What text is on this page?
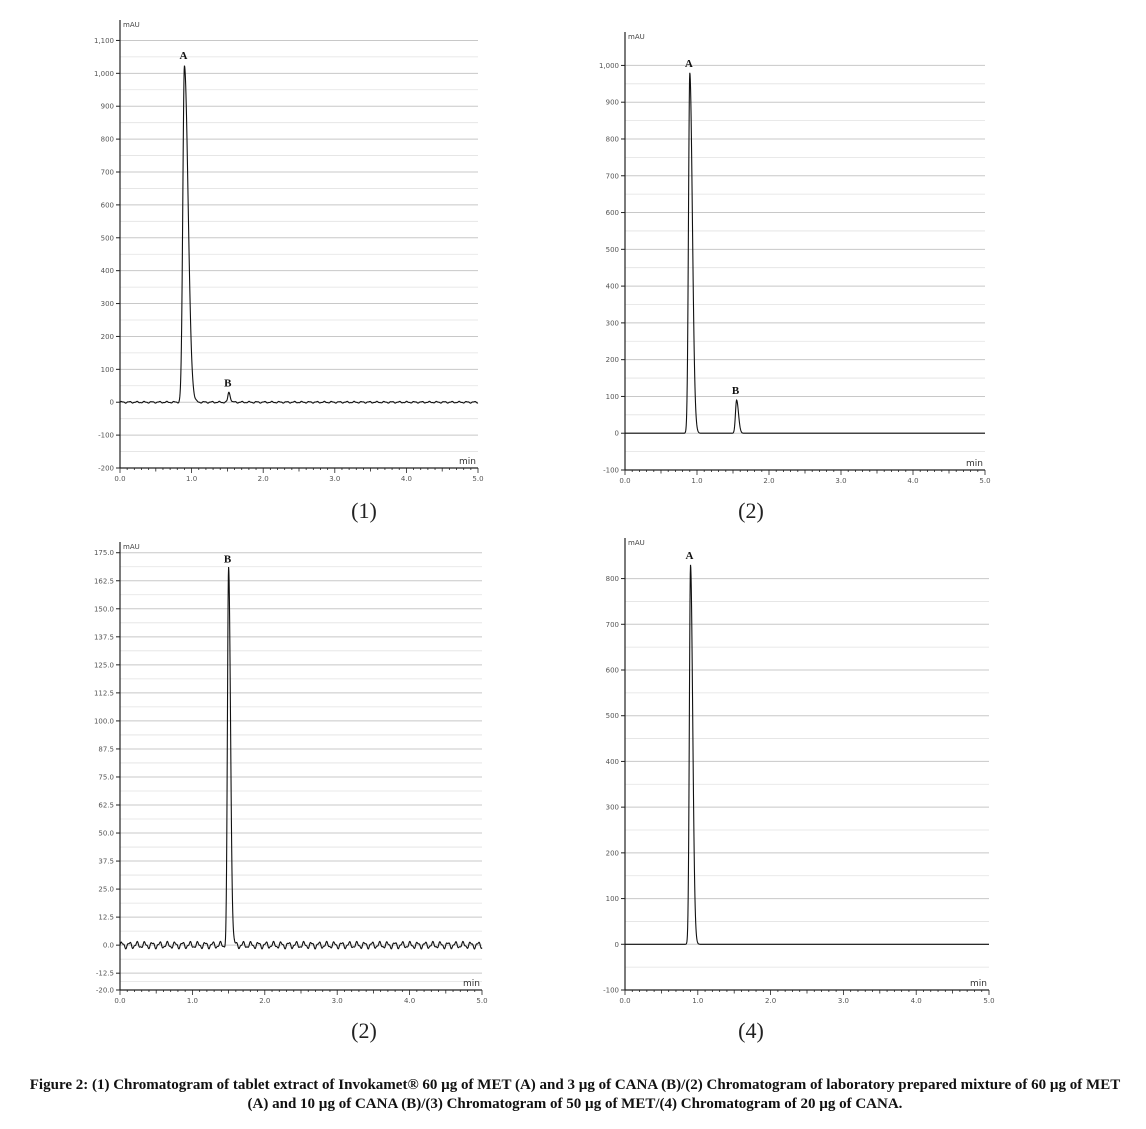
-200
-100
0
100
200
300
400
500
600
700
800
900
1,000
1,100
0.0	1.0	2.0	3.0	4.0	5.0
mAU
min
A
B
(1)
-100
0
100
200
300
400
500
600
700
800
900
1,000
0.0	1.0	2.0	3.0	4.0	5.0
mAU
min
A
B
(2)
-20.0
-12.5
0.0
12.5
25.0
37.5
50.0
62.5
75.0
87.5
100.0
112.5
125.0
137.5
150.0
162.5
175.0
0.0	1.0	2.0	3.0	4.0	5.0
mAU
min
B
(2)
-100
0
100
200
300
400
500
600
700
800
0.0	1.0	2.0	3.0	4.0	5.0
mAU
min
A
(4)
Figure 2: (1) Chromatogram of tablet extract of Invokamet® 60 µg of MET (A) and 3 µg of CANA (B)/(2) Chromatogram of laboratory prepared mixture of 60 µg of MET (A) and 10 µg of CANA (B)/(3) Chromatogram of 50 µg of MET/(4) Chromatogram of 20 µg of CANA.
